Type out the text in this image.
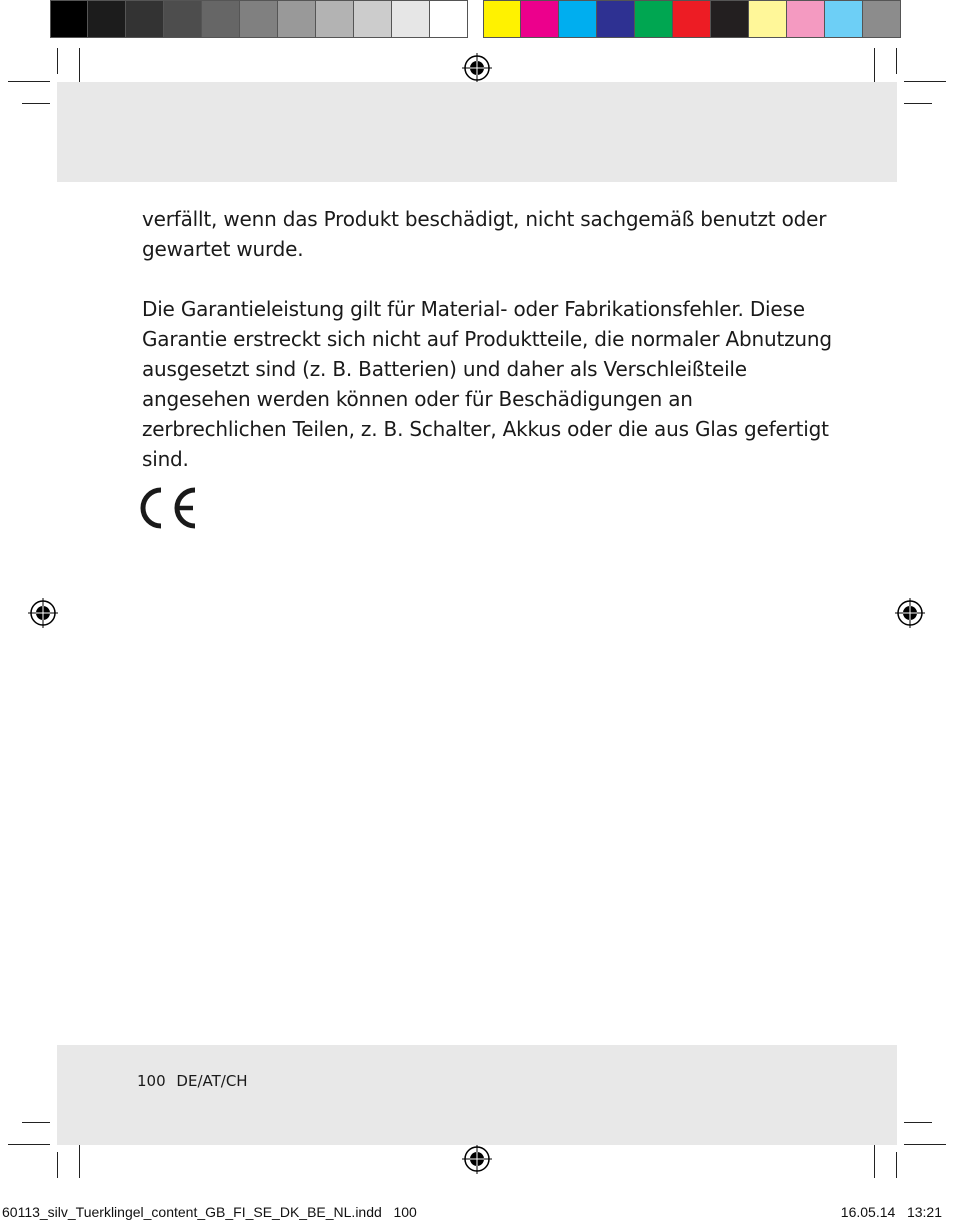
verfällt, wenn das Produkt beschädigt, nicht sachgemäß benutzt oder gewartet wurde.

Die Garantieleistung gilt für Material- oder Fabrikationsfehler. Diese Garantie erstreckt sich nicht auf Produktteile, die normaler Abnutzung ausgesetzt sind (z. B. Batterien) und daher als Verschleißteile angesehen werden können oder für Beschädigungen an zerbrechlichen Teilen, z. B. Schalter, Akkus oder die aus Glas gefertigt sind.

100 DE/AT/CH
60113_silv_Tuerklingel_content_GB_FI_SE_DK_BE_NL.indd   100	16.05.14   13:21
